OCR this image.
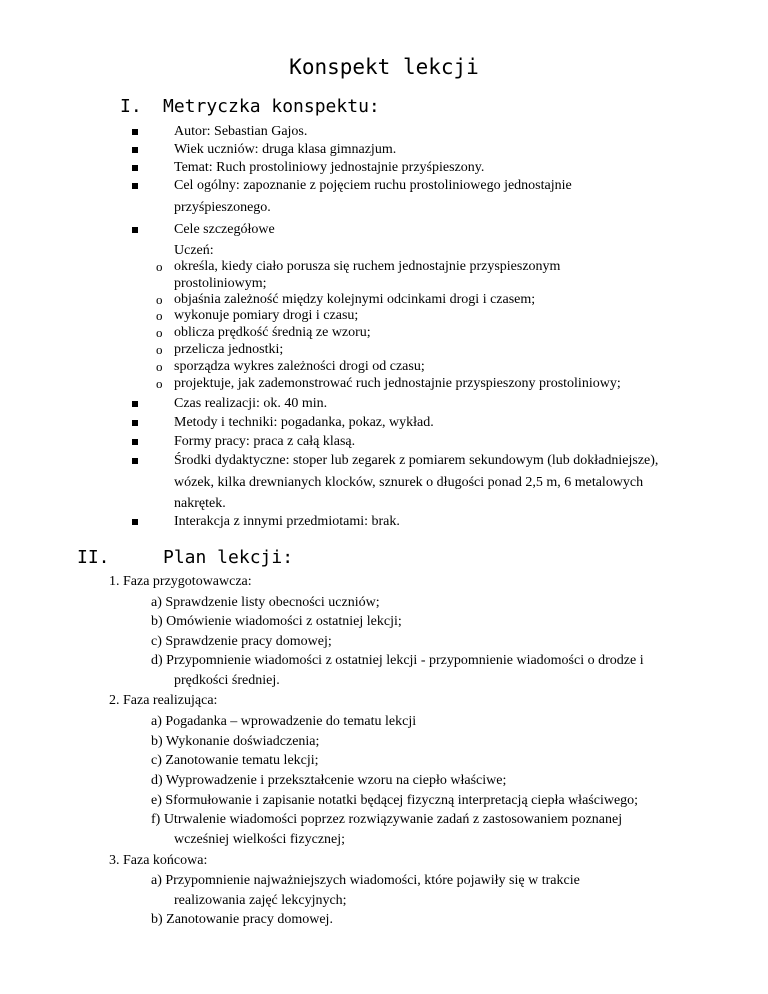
Konspekt lekcji
I. Metryczka konspektu:
Autor: Sebastian Gajos.
Wiek uczniów: druga klasa gimnazjum.
Temat: Ruch prostoliniowy jednostajnie przyśpieszony.
Cel ogólny: zapoznanie z pojęciem ruchu prostoliniowego jednostajnie
przyśpieszonego.
Cele szczegółowe
Uczeń:
o określa, kiedy ciało porusza się ruchem jednostajnie przyspieszonym
prostoliniowym;
o objaśnia zależność między kolejnymi odcinkami drogi i czasem;
o wykonuje pomiary drogi i czasu;
o oblicza prędkość średnią ze wzoru;
o przelicza jednostki;
o sporządza wykres zależności drogi od czasu;
o projektuje, jak zademonstrować ruch jednostajnie przyspieszony prostoliniowy;
Czas realizacji: ok. 40 min.
Metody i techniki: pogadanka, pokaz, wykład.
Formy pracy: praca z całą klasą.
Środki dydaktyczne: stoper lub zegarek z pomiarem sekundowym (lub dokładniejsze),
wózek, kilka drewnianych klocków, sznurek o długości ponad 2,5 m, 6 metalowych
nakrętek.
Interakcja z innymi przedmiotami: brak.
II.	Plan lekcji:
1. Faza przygotowawcza:
a) Sprawdzenie listy obecności uczniów;
b) Omówienie wiadomości z ostatniej lekcji;
c) Sprawdzenie pracy domowej;
d) Przypomnienie wiadomości z ostatniej lekcji - przypomnienie wiadomości o drodze i
prędkości średniej.
2. Faza realizująca:
a) Pogadanka – wprowadzenie do tematu lekcji
b) Wykonanie doświadczenia;
c) Zanotowanie tematu lekcji;
d) Wyprowadzenie i przekształcenie wzoru na ciepło właściwe;
e) Sformułowanie i zapisanie notatki będącej fizyczną interpretacją ciepła właściwego;
f) Utrwalenie wiadomości poprzez rozwiązywanie zadań z zastosowaniem poznanej
wcześniej wielkości fizycznej;
3. Faza końcowa:
a) Przypomnienie najważniejszych wiadomości, które pojawiły się w trakcie
realizowania zajęć lekcyjnych;
b) Zanotowanie pracy domowej.
